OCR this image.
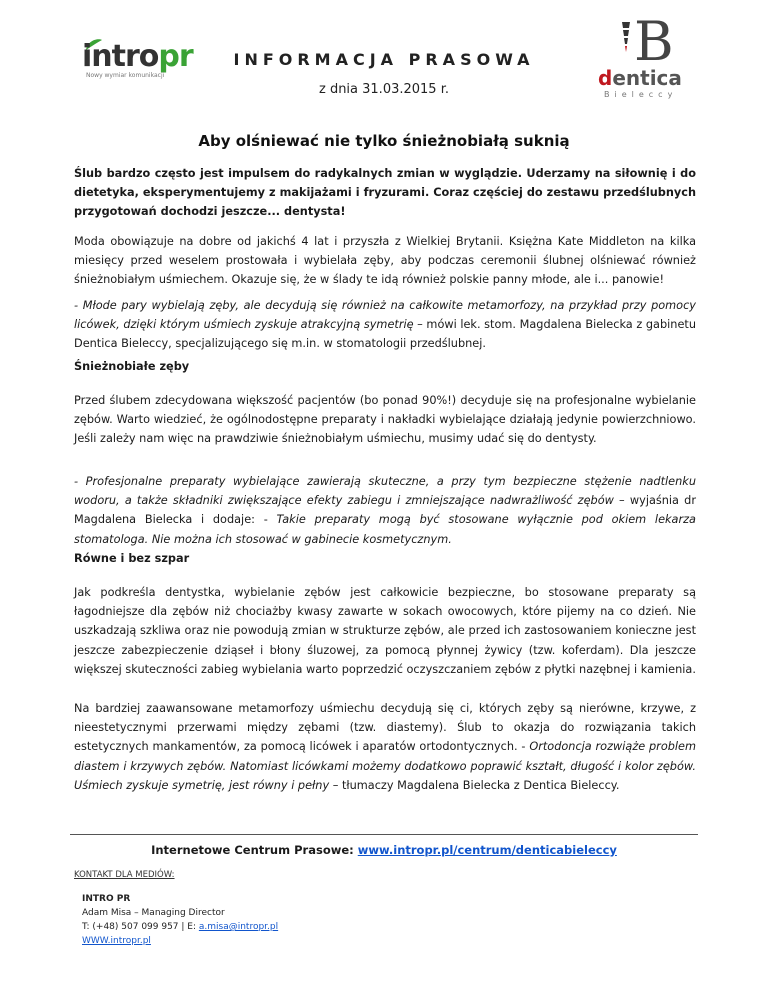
intropr
Nowy wymiar komunikacji
INFORMACJA PRASOWA
z dnia 31.03.2015 r.
B
dentica
Bieleccy
Aby olśniewać nie tylko śnieżnobiałą suknią

Ślub bardzo często jest impulsem do radykalnych zmian w wyglądzie. Uderzamy na siłownię i do dietetyka, eksperymentujemy z makijażami i fryzurami. Coraz częściej do zestawu przedślubnych przygotowań dochodzi jeszcze... dentysta!

Moda obowiązuje na dobre od jakichś 4 lat i przyszła z Wielkiej Brytanii. Księżna Kate Middleton na kilka miesięcy przed weselem prostowała i wybielała zęby, aby podczas ceremonii ślubnej olśniewać również śnieżnobiałym uśmiechem. Okazuje się, że w ślady te idą również polskie panny młode, ale i... panowie!

- Młode pary wybielają zęby, ale decydują się również na całkowite metamorfozy, na przykład przy pomocy licówek, dzięki którym uśmiech zyskuje atrakcyjną symetrię – mówi lek. stom. Magdalena Bielecka z gabinetu Dentica Bieleccy, specjalizującego się m.in. w stomatologii przedślubnej.

Śnieżnobiałe zęby

Przed ślubem zdecydowana większość pacjentów (bo ponad 90%!) decyduje się na profesjonalne wybielanie zębów. Warto wiedzieć, że ogólnodostępne preparaty i nakładki wybielające działają jedynie powierzchniowo. Jeśli zależy nam więc na prawdziwie śnieżnobiałym uśmiechu, musimy udać się do dentysty.

- Profesjonalne preparaty wybielające zawierają skuteczne, a przy tym bezpieczne stężenie nadtlenku wodoru, a także składniki zwiększające efekty zabiegu i zmniejszające nadwrażliwość zębów – wyjaśnia dr Magdalena Bielecka i dodaje: - Takie preparaty mogą być stosowane wyłącznie pod okiem lekarza stomatologa. Nie można ich stosować w gabinecie kosmetycznym.

Równe i bez szpar

Jak podkreśla dentystka, wybielanie zębów jest całkowicie bezpieczne, bo stosowane preparaty są łagodniejsze dla zębów niż chociażby kwasy zawarte w sokach owocowych, które pijemy na co dzień. Nie uszkadzają szkliwa oraz nie powodują zmian w strukturze zębów, ale przed ich zastosowaniem konieczne jest jeszcze zabezpieczenie dziąseł i błony śluzowej, za pomocą płynnej żywicy (tzw. koferdam). Dla jeszcze większej skuteczności zabieg wybielania warto poprzedzić oczyszczaniem zębów z płytki nazębnej i kamienia.

Na bardziej zaawansowane metamorfozy uśmiechu decydują się ci, których zęby są nierówne, krzywe, z nieestetycznymi przerwami między zębami (tzw. diastemy). Ślub to okazja do rozwiązania takich estetycznych mankamentów, za pomocą licówek i aparatów ortodontycznych. - Ortodoncja rozwiąże problem diastem i krzywych zębów. Natomiast licówkami możemy dodatkowo poprawić kształt, długość i kolor zębów. Uśmiech zyskuje symetrię, jest równy i pełny – tłumaczy Magdalena Bielecka z Dentica Bieleccy.

Internetowe Centrum Prasowe: www.intropr.pl/centrum/denticabieleccy
KONTAKT DLA MEDIÓW:
INTRO PR
Adam Misa – Managing Director
T: (+48) 507 099 957 | E: a.misa@intropr.pl
WWW.intropr.pl
